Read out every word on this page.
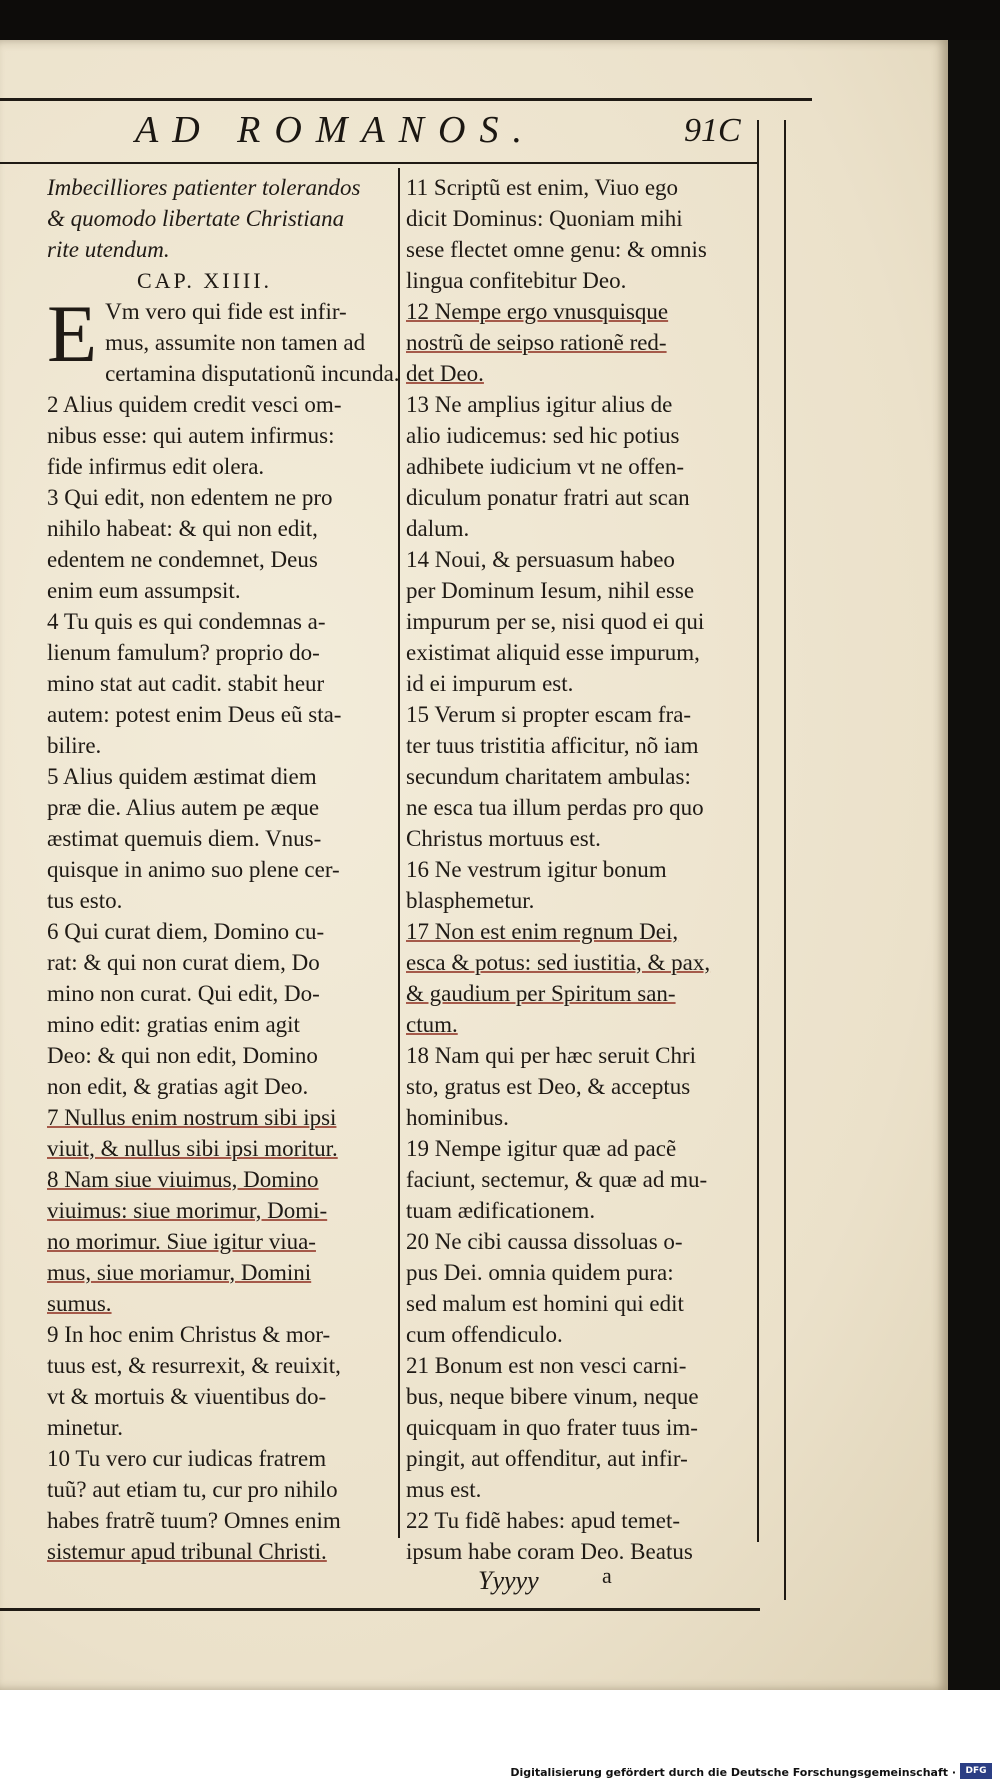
AD ROMANOS.	91C
Imbecilliores patienter tolerandos
& quomodo libertate Christiana
rite utendum.
CAP. XIIII.
E Vm vero qui fide est infir-
mus, assumite non tamen ad
certamina disputationũ incunda.
2 Alius quidem credit vesci om-
nibus esse: qui autem infirmus:
fide infirmus edit olera.
3 Qui edit, non edentem ne pro
nihilo habeat: & qui non edit,
edentem ne condemnet, Deus
enim eum assumpsit.
4 Tu quis es qui condemnas a-
lienum famulum? proprio do-
mino stat aut cadit. stabit heur
autem: potest enim Deus eũ sta-
bilire.
5 Alius quidem æstimat diem
præ die. Alius autem pe æque
æstimat quemuis diem. Vnus-
quisque in animo suo plene cer-
tus esto.
6 Qui curat diem, Domino cu-
rat: & qui non curat diem, Do
mino non curat. Qui edit, Do-
mino edit: gratias enim agit
Deo: & qui non edit, Domino
non edit, & gratias agit Deo.
7 Nullus enim nostrum sibi ipsi
viuit, & nullus sibi ipsi moritur.
8 Nam siue viuimus, Domino
viuimus: siue morimur, Domi-
no morimur. Siue igitur viua-
mus, siue moriamur, Domini
sumus.
9 In hoc enim Christus & mor-
tuus est, & resurrexit, & reuixit,
vt & mortuis & viuentibus do-
minetur.
10 Tu vero cur iudicas fratrem
tuũ? aut etiam tu, cur pro nihilo
habes fratrẽ tuum? Omnes enim
sistemur apud tribunal Christi.
11 Scriptũ est enim, Viuo ego
dicit Dominus: Quoniam mihi
sese flectet omne genu: & omnis
lingua confitebitur Deo.
12 Nempe ergo vnusquisque
nostrũ de seipso rationẽ red-
det Deo.
13 Ne amplius igitur alius de
alio iudicemus: sed hic potius
adhibete iudicium vt ne offen-
diculum ponatur fratri aut scan
dalum.
14 Noui, & persuasum habeo
per Dominum Iesum, nihil esse
impurum per se, nisi quod ei qui
existimat aliquid esse impurum,
id ei impurum est.
15 Verum si propter escam fra-
ter tuus tristitia afficitur, nõ iam
secundum charitatem ambulas:
ne esca tua illum perdas pro quo
Christus mortuus est.
16 Ne vestrum igitur bonum
blasphemetur.
17 Non est enim regnum Dei,
esca & potus: sed iustitia, & pax,
& gaudium per Spiritum san-
ctum.
18 Nam qui per hæc seruit Chri
sto, gratus est Deo, & acceptus
hominibus.
19 Nempe igitur quæ ad pacẽ
faciunt, sectemur, & quæ ad mu-
tuam ædificationem.
20 Ne cibi caussa dissoluas o-
pus Dei. omnia quidem pura:
sed malum est homini qui edit
cum offendiculo.
21 Bonum est non vesci carni-
bus, neque bibere vinum, neque
quicquam in quo frater tuus im-
pingit, aut offenditur, aut infir-
mus est.
22 Tu fidẽ habes: apud temet-
ipsum habe coram Deo. Beatus
Yyyyy	a
Digitalisierung gefördert durch die Deutsche Forschungsgemeinschaft ·	DFG
